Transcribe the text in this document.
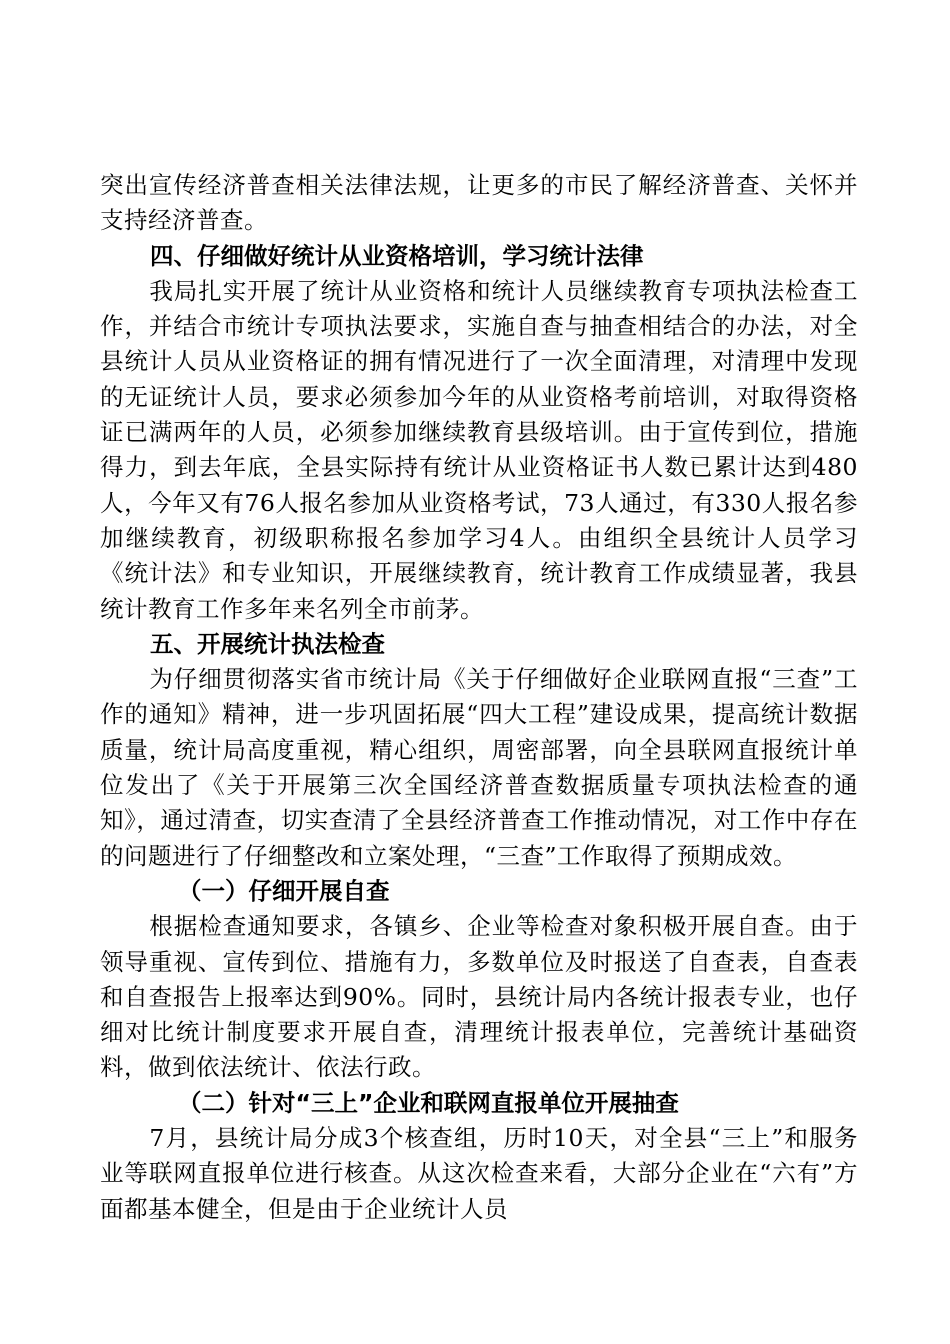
突出宣传经济普查相关法律法规，让更多的市民了解经济普查、关怀并支持经济普查。

四、仔细做好统计从业资格培训，学习统计法律

我局扎实开展了统计从业资格和统计人员继续教育专项执法检查工作，并结合市统计专项执法要求，实施自查与抽查相结合的办法，对全县统计人员从业资格证的拥有情况进行了一次全面清理，对清理中发现的无证统计人员，要求必须参加今年的从业资格考前培训，对取得资格证已满两年的人员，必须参加继续教育县级培训。由于宣传到位，措施得力，到去年底，全县实际持有统计从业资格证书人数已累计达到480人，今年又有76人报名参加从业资格考试，73人通过，有330人报名参加继续教育，初级职称报名参加学习4人。由组织全县统计人员学习《统计法》和专业知识，开展继续教育，统计教育工作成绩显著，我县统计教育工作多年来名列全市前茅。

五、开展统计执法检查

为仔细贯彻落实省市统计局《关于仔细做好企业联网直报“三查”工作的通知》精神，进一步巩固拓展“四大工程”建设成果，提高统计数据质量，统计局高度重视，精心组织，周密部署，向全县联网直报统计单位发出了《关于开展第三次全国经济普查数据质量专项执法检查的通知》，通过清查，切实查清了全县经济普查工作推动情况，对工作中存在的问题进行了仔细整改和立案处理，“三查”工作取得了预期成效。

（一）仔细开展自查

根据检查通知要求，各镇乡、企业等检查对象积极开展自查。由于领导重视、宣传到位、措施有力，多数单位及时报送了自查表，自查表和自查报告上报率达到90%。同时，县统计局内各统计报表专业，也仔细对比统计制度要求开展自查，清理统计报表单位，完善统计基础资料，做到依法统计、依法行政。

（二）针对“三上”企业和联网直报单位开展抽查

7月，县统计局分成3个核查组，历时10天，对全县“三上”和服务业等联网直报单位进行核查。从这次检查来看，大部分企业在“六有”方面都基本健全，但是由于企业统计人员
